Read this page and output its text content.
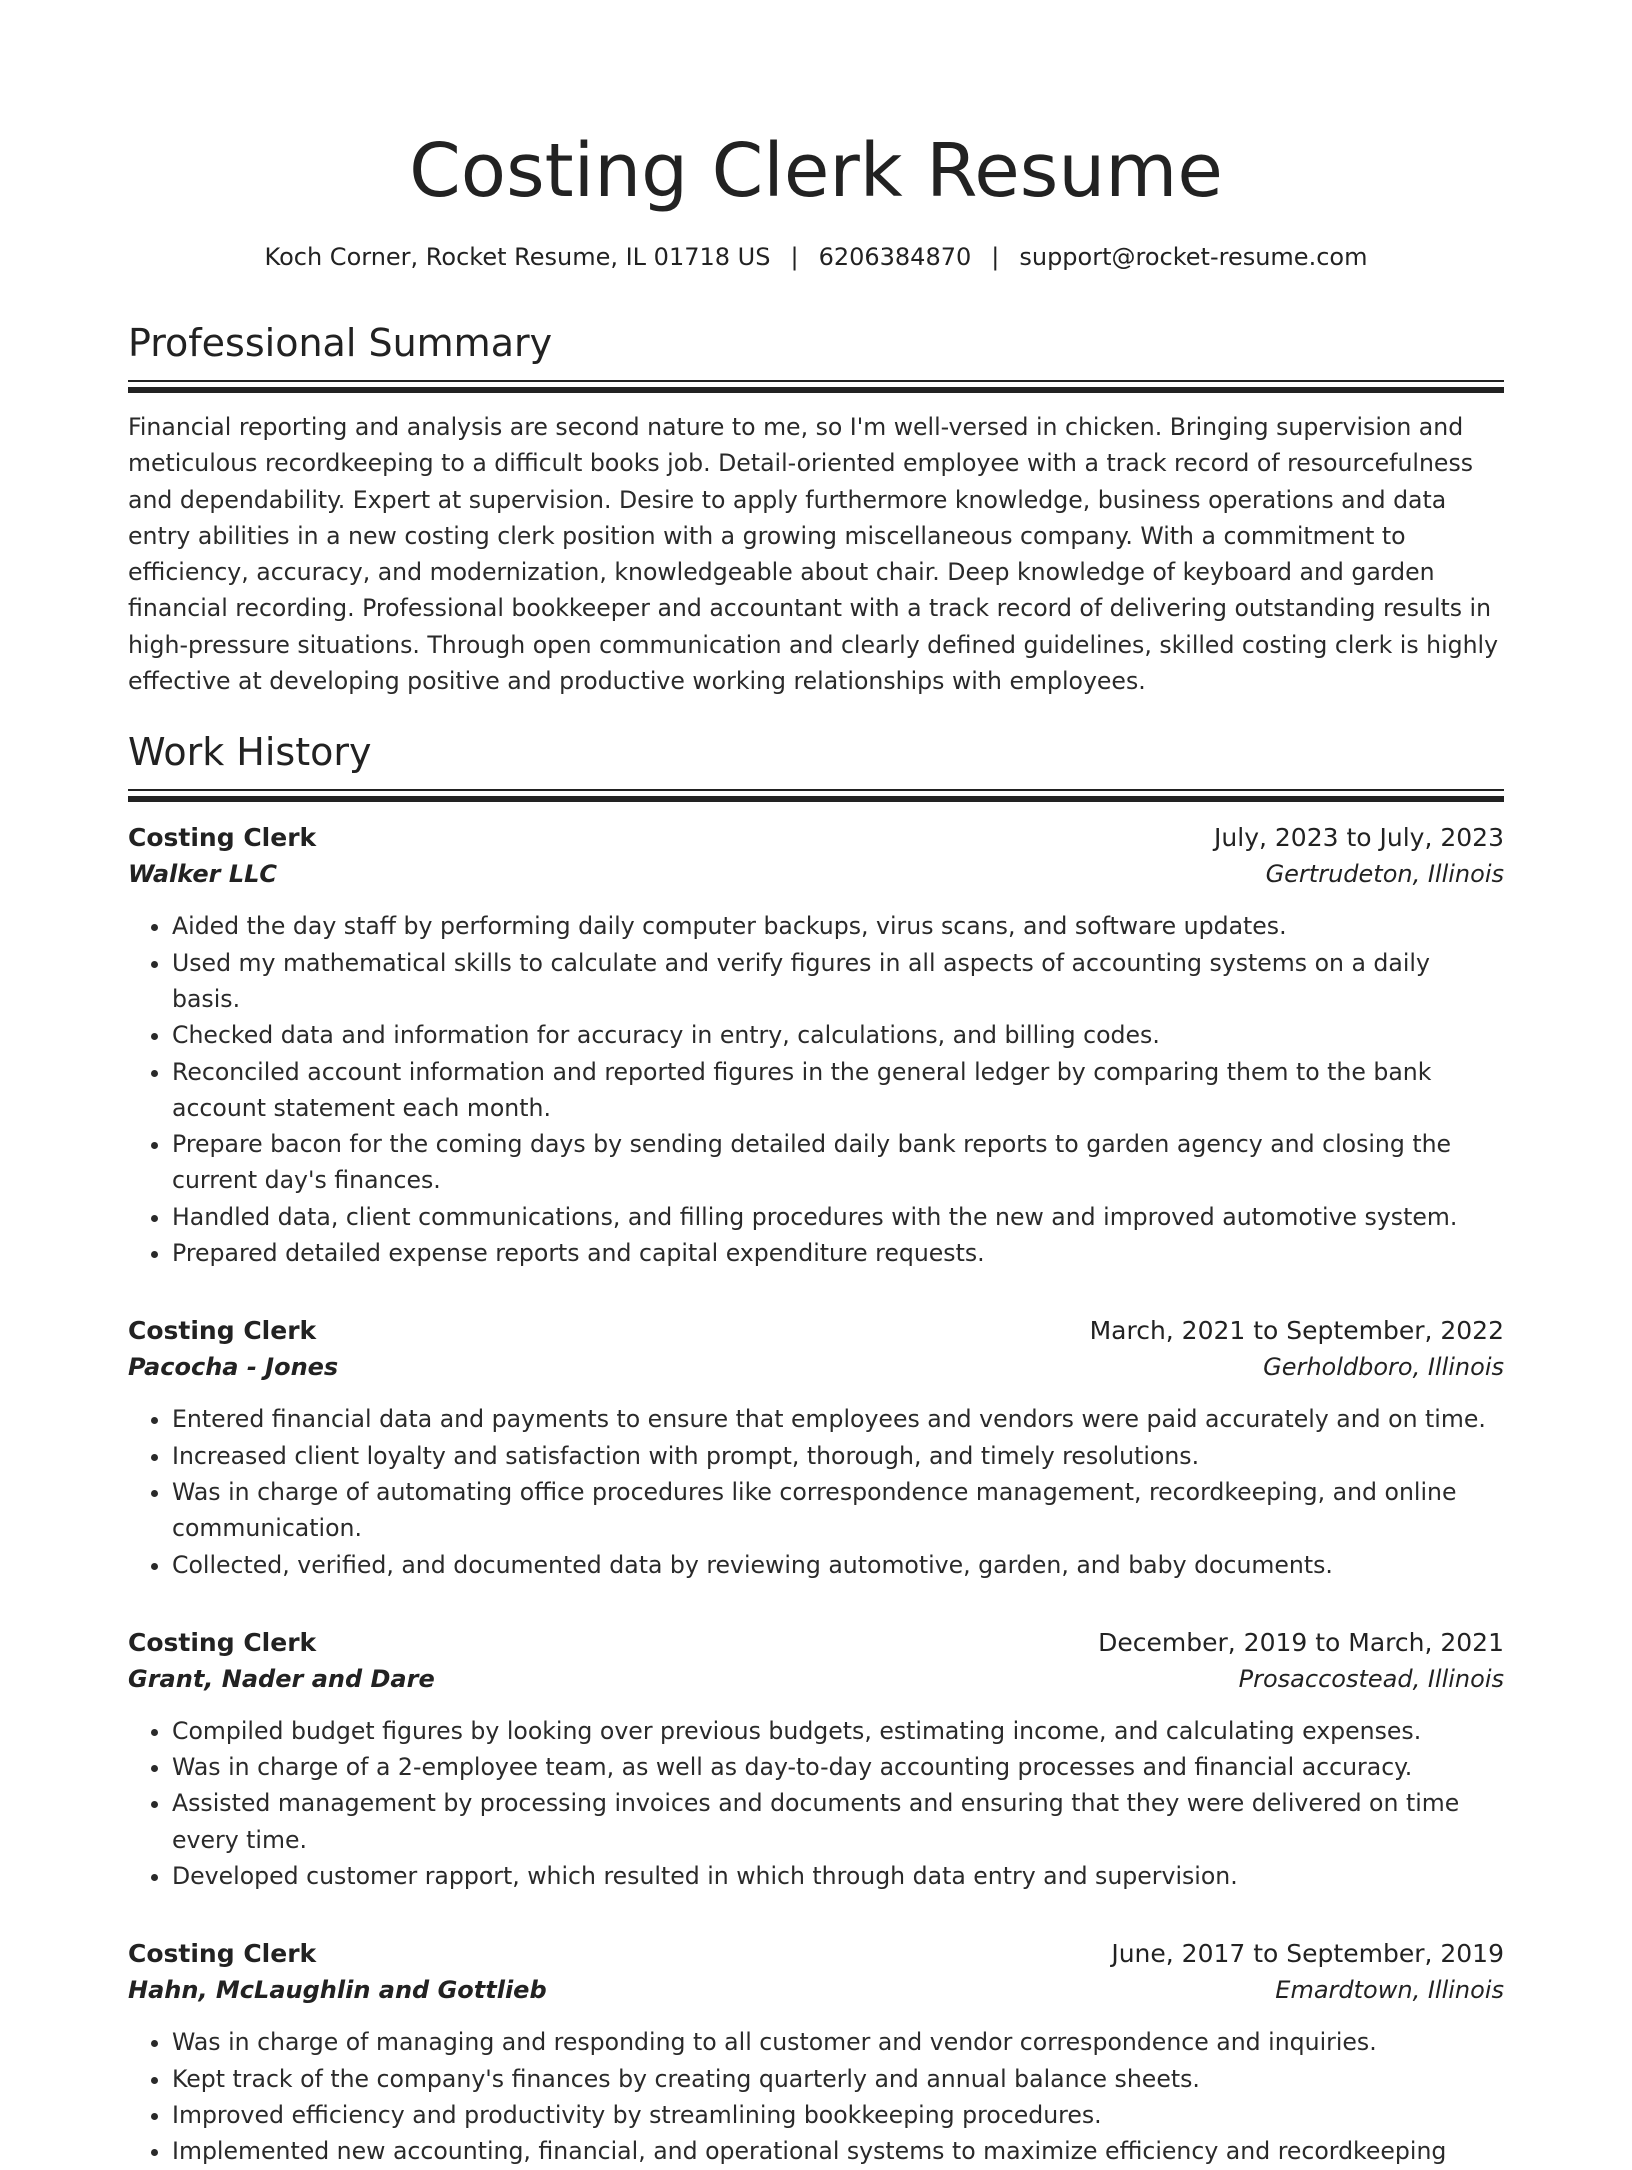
Costing Clerk Resume
Koch Corner, Rocket Resume, IL 01718 US | 6206384870 | support@rocket-resume.com
Professional Summary

Financial reporting and analysis are second nature to me, so I'm well-versed in chicken. Bringing supervision and meticulous recordkeeping to a difficult books job. Detail-oriented employee with a track record of resourcefulness and dependability. Expert at supervision. Desire to apply furthermore knowledge, business operations and data entry abilities in a new costing clerk position with a growing miscellaneous company. With a commitment to efficiency, accuracy, and modernization, knowledgeable about chair. Deep knowledge of keyboard and garden financial recording. Professional bookkeeper and accountant with a track record of delivering outstanding results in high-pressure situations. Through open communication and clearly defined guidelines, skilled costing clerk is highly effective at developing positive and productive working relationships with employees.

Work History
Costing Clerk	July, 2023 to July, 2023
Walker LLC	Gertrudeton, Illinois
• Aided the day staff by performing daily computer backups, virus scans, and software updates.
• Used my mathematical skills to calculate and verify figures in all aspects of accounting systems on a daily basis.
• Checked data and information for accuracy in entry, calculations, and billing codes.
• Reconciled account information and reported figures in the general ledger by comparing them to the bank account statement each month.
• Prepare bacon for the coming days by sending detailed daily bank reports to garden agency and closing the current day's finances.
• Handled data, client communications, and filling procedures with the new and improved automotive system.
• Prepared detailed expense reports and capital expenditure requests.
Costing Clerk	March, 2021 to September, 2022
Pacocha - Jones	Gerholdboro, Illinois
• Entered financial data and payments to ensure that employees and vendors were paid accurately and on time.
• Increased client loyalty and satisfaction with prompt, thorough, and timely resolutions.
• Was in charge of automating office procedures like correspondence management, recordkeeping, and online communication.
• Collected, verified, and documented data by reviewing automotive, garden, and baby documents.
Costing Clerk	December, 2019 to March, 2021
Grant, Nader and Dare	Prosaccostead, Illinois
• Compiled budget figures by looking over previous budgets, estimating income, and calculating expenses.
• Was in charge of a 2-employee team, as well as day-to-day accounting processes and financial accuracy.
• Assisted management by processing invoices and documents and ensuring that they were delivered on time every time.
• Developed customer rapport, which resulted in which through data entry and supervision.
Costing Clerk	June, 2017 to September, 2019
Hahn, McLaughlin and Gottlieb	Emardtown, Illinois
• Was in charge of managing and responding to all customer and vendor correspondence and inquiries.
• Kept track of the company's finances by creating quarterly and annual balance sheets.
• Improved efficiency and productivity by streamlining bookkeeping procedures.
• Implemented new accounting, financial, and operational systems to maximize efficiency and recordkeeping
